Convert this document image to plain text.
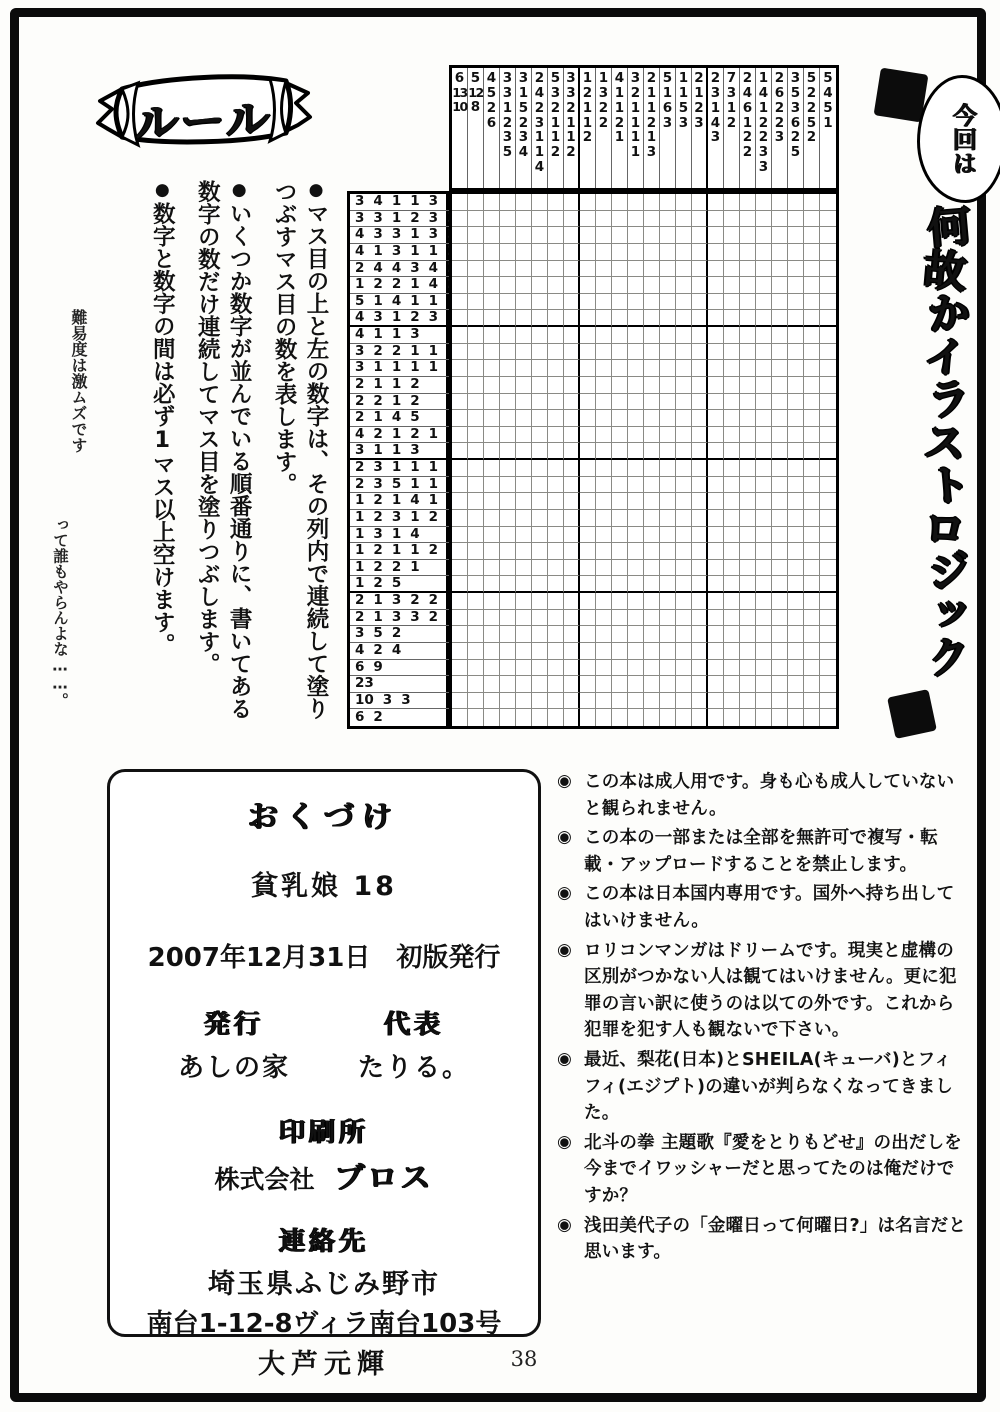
ルール
● マス目の上と左の数字は、その列内で連続して塗りつぶすマス目の数を表します。
● いくつか数字が並んでいる順番通りに、書いてある数字の数だけ連続してマス目を塗りつぶします。
● 数字と数字の間は必ず1マス以上空けます。
難易度は激ムズです
って誰もやらんよな……。
6
13
10
5
12
8
4
5
2
6
3
3
1
2
3
5
3
1
5
2
3
4
2
4
2
3
1
1
4
5
3
2
1
1
2
3
3
2
1
1
2
1
2
1
1
2
1
3
2
2
4
1
1
2
1
3
2
1
1
1
1
2
1
1
2
1
3
5
1
6
3
1
1
5
3
2
1
2
3
2
3
1
4
3
7
3
1
2
2
4
6
1
2
2
1
4
1
2
2
3
3
2
6
2
2
3
3
5
3
6
2
5
5
2
2
5
2
5
4
5
1
3 4 1 1 3
3 3 1 2 3
4 3 3 1 3
4 1 3 1 1
2 4 4 3 4
1 2 2 1 4
5 1 4 1 1
4 3 1 2 3
4 1 1 3
3 2 2 1 1
3 1 1 1 1
2 1 1 2
2 2 1 2
2 1 4 5
4 2 1 2 1
3 1 1 3
2 3 1 1 1
2 3 5 1 1
1 2 1 4 1
1 2 3 1 2
1 3 1 4
1 2 1 1 2
1 2 2 1
1 2 5
2 1 3 2 2
2 1 3 3 2
3 5 2
4 2 4
6 9
23
10 3 3
6 2
今回は
何故かイラストロジック
おくづけ
貧乳娘 18
2007年12月31日　初版発行
発行
あしの家
代表
たりる。
印刷所
株式会社 ブロス
連絡先
埼玉県ふじみ野市
南台1-12-8ヴィラ南台103号
大芦元輝
◉ この本は成人用です。身も心も成人していないと観られません。
◉ この本の一部または全部を無許可で複写・転載・アップロードすることを禁止します。
◉ この本は日本国内専用です。国外へ持ち出してはいけません。
◉ ロリコンマンガはドリームです。現実と虚構の区別がつかない人は観てはいけません。更に犯罪の言い訳に使うのは以ての外です。これから犯罪を犯す人も観ないで下さい。
◉ 最近、梨花(日本)とSHEILA(キューバ)とフィフィ(エジプト)の違いが判らなくなってきました。
◉ 北斗の拳 主題歌『愛をとりもどせ』の出だしを今までイワッシャーだと思ってたのは俺だけですか？
◉ 浅田美代子の「金曜日って何曜日?」は名言だと思います。
38
